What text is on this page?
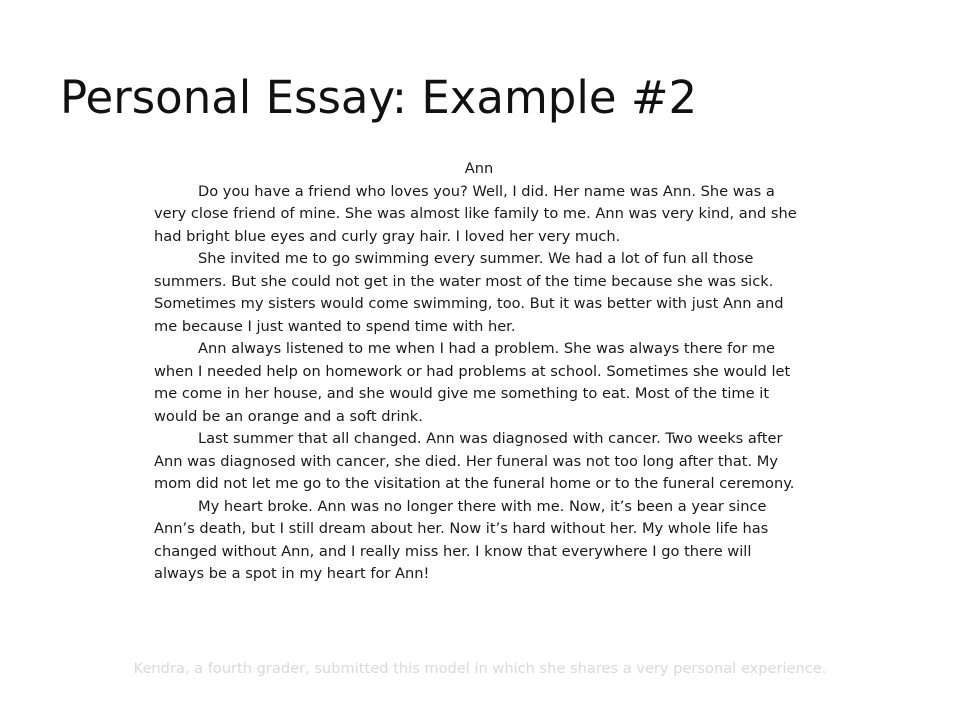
Personal Essay: Example #2

Ann

Do you have a friend who loves you? Well, I did. Her name was Ann. She was a very close friend of mine. She was almost like family to me. Ann was very kind, and she had bright blue eyes and curly gray hair. I loved her very much.

She invited me to go swimming every summer. We had a lot of fun all those summers. But she could not get in the water most of the time because she was sick. Sometimes my sisters would come swimming, too. But it was better with just Ann and me because I just wanted to spend time with her.

Ann always listened to me when I had a problem. She was always there for me when I needed help on homework or had problems at school. Sometimes she would let me come in her house, and she would give me something to eat. Most of the time it would be an orange and a soft drink.

Last summer that all changed. Ann was diagnosed with cancer. Two weeks after Ann was diagnosed with cancer, she died. Her funeral was not too long after that. My mom did not let me go to the visitation at the funeral home or to the funeral ceremony.

My heart broke. Ann was no longer there with me. Now, it’s been a year since Ann’s death, but I still dream about her. Now it’s hard without her. My whole life has changed without Ann, and I really miss her. I know that everywhere I go there will always be a spot in my heart for Ann!

Kendra, a fourth grader, submitted this model in which she shares a very personal experience.
